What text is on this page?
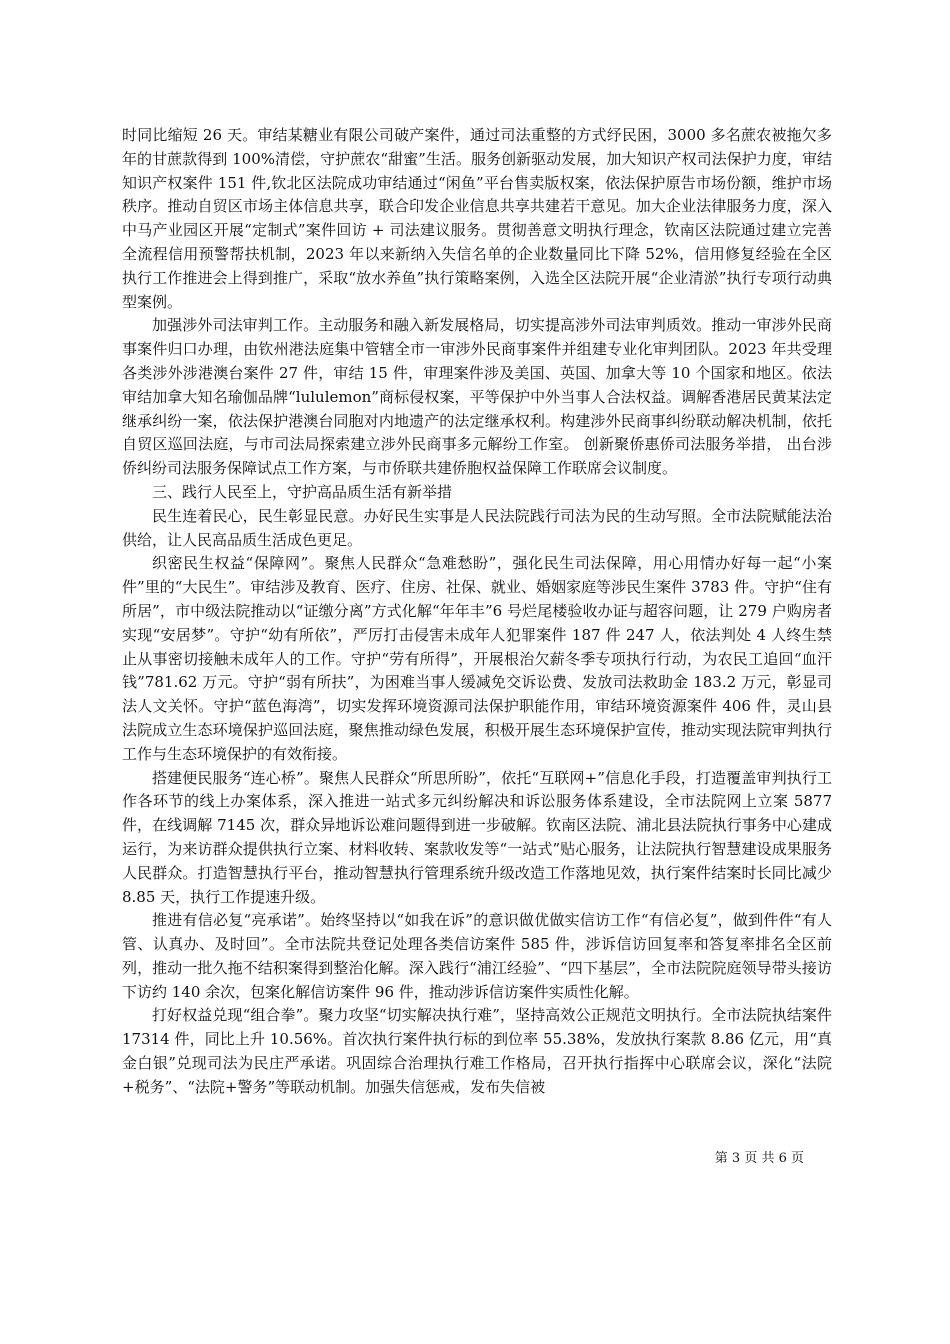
时同比缩短 26 天。审结某糖业有限公司破产案件，通过司法重整的方式纾民困，3000 多名蔗农被拖欠多年的甘蔗款得到 100%清偿，守护蔗农“甜蜜”生活。服务创新驱动发展，加大知识产权司法保护力度，审结知识产权案件 151 件,钦北区法院成功审结通过“闲鱼”平台售卖版权案，依法保护原告市场份额，维护市场秩序。推动自贸区市场主体信息共享，联合印发企业信息共享共建若干意见。加大企业法律服务力度，深入中马产业园区开展“定制式”案件回访 + 司法建议服务。贯彻善意文明执行理念，钦南区法院通过建立完善全流程信用预警帮扶机制，2023 年以来新纳入失信名单的企业数量同比下降 52%，信用修复经验在全区执行工作推进会上得到推广，采取“放水养鱼”执行策略案例，入选全区法院开展“企业清淤”执行专项行动典型案例。

加强涉外司法审判工作。主动服务和融入新发展格局，切实提高涉外司法审判质效。推动一审涉外民商事案件归口办理，由钦州港法庭集中管辖全市一审涉外民商事案件并组建专业化审判团队。2023 年共受理各类涉外涉港澳台案件 27 件，审结 15 件，审理案件涉及美国、英国、加拿大等 10 个国家和地区。依法审结加拿大知名瑜伽品牌“lululemon”商标侵权案，平等保护中外当事人合法权益。调解香港居民黄某法定继承纠纷一案，依法保护港澳台同胞对内地遗产的法定继承权利。构建涉外民商事纠纷联动解决机制，依托自贸区巡回法庭，与市司法局探索建立涉外民商事多元解纷工作室。 创新聚侨惠侨司法服务举措， 出台涉侨纠纷司法服务保障试点工作方案，与市侨联共建侨胞权益保障工作联席会议制度。

三、践行人民至上，守护高品质生活有新举措

民生连着民心，民生彰显民意。办好民生实事是人民法院践行司法为民的生动写照。全市法院赋能法治供给，让人民高品质生活成色更足。

织密民生权益“保障网”。聚焦人民群众“急难愁盼”，强化民生司法保障，用心用情办好每一起“小案件”里的“大民生”。审结涉及教育、医疗、住房、社保、就业、婚姻家庭等涉民生案件 3783 件。守护“住有所居”，市中级法院推动以“证缴分离”方式化解“年年丰”6 号烂尾楼验收办证与超容问题，让 279 户购房者实现“安居梦”。守护“幼有所依”，严厉打击侵害未成年人犯罪案件 187 件 247 人，依法判处 4 人终生禁止从事密切接触未成年人的工作。守护“劳有所得”，开展根治欠薪冬季专项执行行动，为农民工追回“血汗钱”781.62 万元。守护“弱有所扶”，为困难当事人缓减免交诉讼费、发放司法救助金 183.2 万元，彰显司法人文关怀。守护“蓝色海湾”，切实发挥环境资源司法保护职能作用，审结环境资源案件 406 件，灵山县法院成立生态环境保护巡回法庭，聚焦推动绿色发展，积极开展生态环境保护宣传，推动实现法院审判执行工作与生态环境保护的有效衔接。

搭建便民服务“连心桥”。聚焦人民群众“所思所盼”，依托“互联网+”信息化手段，打造覆盖审判执行工作各环节的线上办案体系，深入推进一站式多元纠纷解决和诉讼服务体系建设，全市法院网上立案 5877 件，在线调解 7145 次，群众异地诉讼难问题得到进一步破解。钦南区法院、浦北县法院执行事务中心建成运行，为来访群众提供执行立案、材料收转、案款收发等“一站式”贴心服务，让法院执行智慧建设成果服务人民群众。打造智慧执行平台，推动智慧执行管理系统升级改造工作落地见效，执行案件结案时长同比减少 8.85 天，执行工作提速升级。

推进有信必复“亮承诺”。始终坚持以“如我在诉”的意识做优做实信访工作“有信必复”，做到件件“有人管、认真办、及时回”。全市法院共登记处理各类信访案件 585 件，涉诉信访回复率和答复率排名全区前列，推动一批久拖不结积案得到整治化解。深入践行“浦江经验”、“四下基层”，全市法院院庭领导带头接访下访约 140 余次，包案化解信访案件 96 件，推动涉诉信访案件实质性化解。

打好权益兑现“组合拳”。聚力攻坚“切实解决执行难”，坚持高效公正规范文明执行。全市法院执结案件 17314 件，同比上升 10.56%。首次执行案件执行标的到位率 55.38%，发放执行案款 8.86 亿元，用“真金白银”兑现司法为民庄严承诺。巩固综合治理执行难工作格局，召开执行指挥中心联席会议，深化“法院+税务”、“法院+警务”等联动机制。加强失信惩戒，发布失信被

第 3 页 共 6 页
